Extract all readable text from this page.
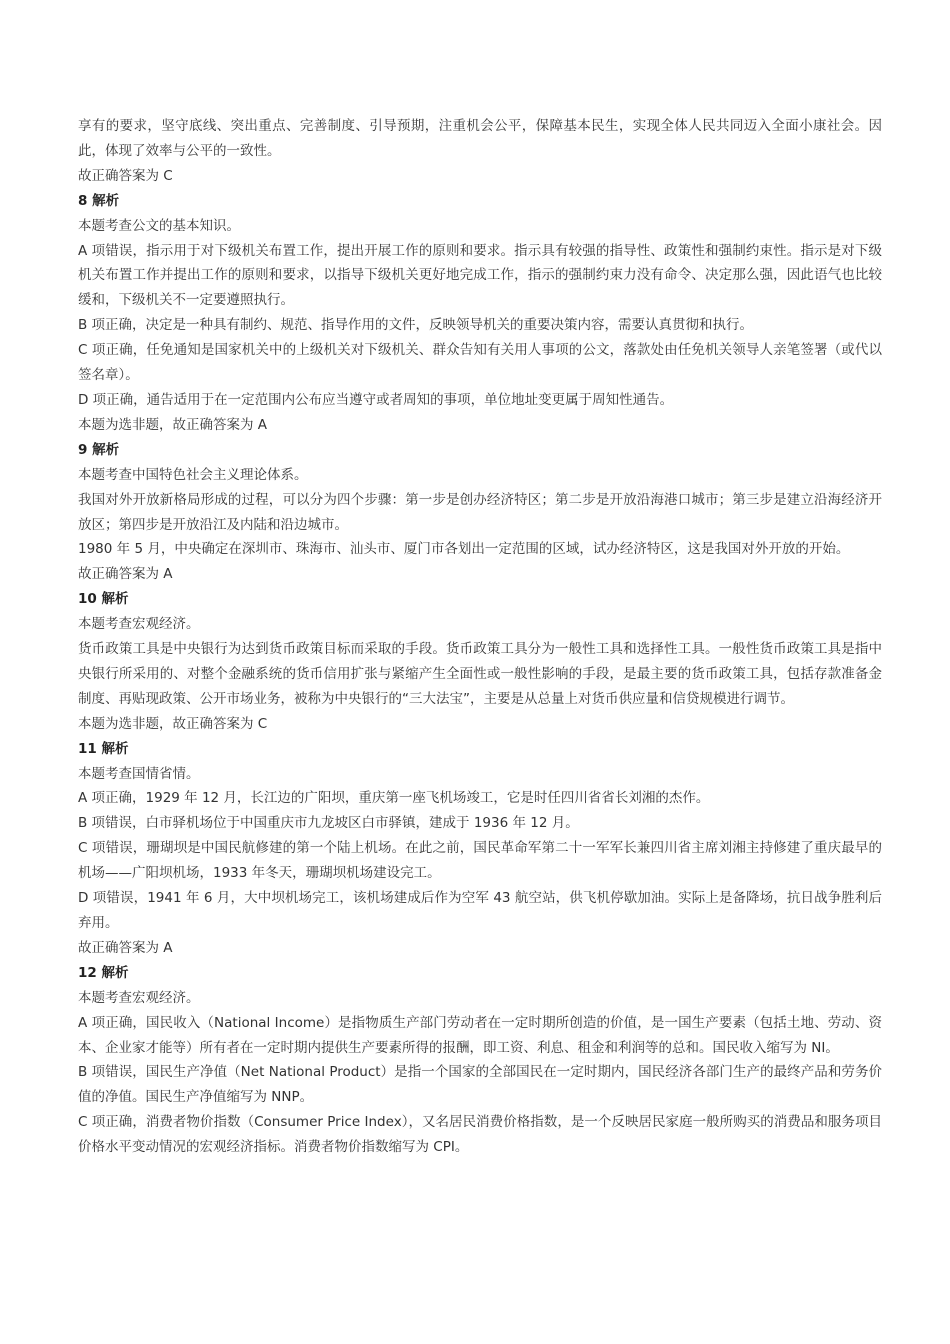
享有的要求，坚守底线、突出重点、完善制度、引导预期，注重机会公平，保障基本民生，实现全体人民共同迈入全面小康社会。因此，体现了效率与公平的一致性。

故正确答案为 C

8 解析

本题考查公文的基本知识。

A 项错误，指示用于对下级机关布置工作，提出开展工作的原则和要求。指示具有较强的指导性、政策性和强制约束性。指示是对下级机关布置工作并提出工作的原则和要求，以指导下级机关更好地完成工作，指示的强制约束力没有命令、决定那么强，因此语气也比较缓和，下级机关不一定要遵照执行。

B 项正确，决定是一种具有制约、规范、指导作用的文件，反映领导机关的重要决策内容，需要认真贯彻和执行。

C 项正确，任免通知是国家机关中的上级机关对下级机关、群众告知有关用人事项的公文，落款处由任免机关领导人亲笔签署（或代以签名章）。

D 项正确，通告适用于在一定范围内公布应当遵守或者周知的事项，单位地址变更属于周知性通告。

本题为选非题，故正确答案为 A

9 解析

本题考查中国特色社会主义理论体系。

我国对外开放新格局形成的过程，可以分为四个步骤：第一步是创办经济特区；第二步是开放沿海港口城市；第三步是建立沿海经济开放区；第四步是开放沿江及内陆和沿边城市。

1980 年 5 月，中央确定在深圳市、珠海市、汕头市、厦门市各划出一定范围的区域，试办经济特区，这是我国对外开放的开始。

故正确答案为 A

10 解析

本题考查宏观经济。

货币政策工具是中央银行为达到货币政策目标而采取的手段。货币政策工具分为一般性工具和选择性工具。一般性货币政策工具是指中央银行所采用的、对整个金融系统的货币信用扩张与紧缩产生全面性或一般性影响的手段，是最主要的货币政策工具，包括存款准备金制度、再贴现政策、公开市场业务，被称为中央银行的“三大法宝”，主要是从总量上对货币供应量和信贷规模进行调节。

本题为选非题，故正确答案为 C

11 解析

本题考查国情省情。

A 项正确，1929 年 12 月，长江边的广阳坝，重庆第一座飞机场竣工，它是时任四川省省长刘湘的杰作。

B 项错误，白市驿机场位于中国重庆市九龙坡区白市驿镇，建成于 1936 年 12 月。

C 项错误，珊瑚坝是中国民航修建的第一个陆上机场。在此之前，国民革命军第二十一军军长兼四川省主席刘湘主持修建了重庆最早的机场——广阳坝机场，1933 年冬天，珊瑚坝机场建设完工。

D 项错误，1941 年 6 月，大中坝机场完工，该机场建成后作为空军 43 航空站，供飞机停歇加油。实际上是备降场，抗日战争胜利后弃用。

故正确答案为 A

12 解析

本题考查宏观经济。

A 项正确，国民收入（National Income）是指物质生产部门劳动者在一定时期所创造的价值，是一国生产要素（包括土地、劳动、资本、企业家才能等）所有者在一定时期内提供生产要素所得的报酬，即工资、利息、租金和利润等的总和。国民收入缩写为 NI。

B 项错误，国民生产净值（Net National Product）是指一个国家的全部国民在一定时期内，国民经济各部门生产的最终产品和劳务价值的净值。国民生产净值缩写为 NNP。

C 项正确，消费者物价指数（Consumer Price Index），又名居民消费价格指数，是一个反映居民家庭一般所购买的消费品和服务项目价格水平变动情况的宏观经济指标。消费者物价指数缩写为 CPI。
